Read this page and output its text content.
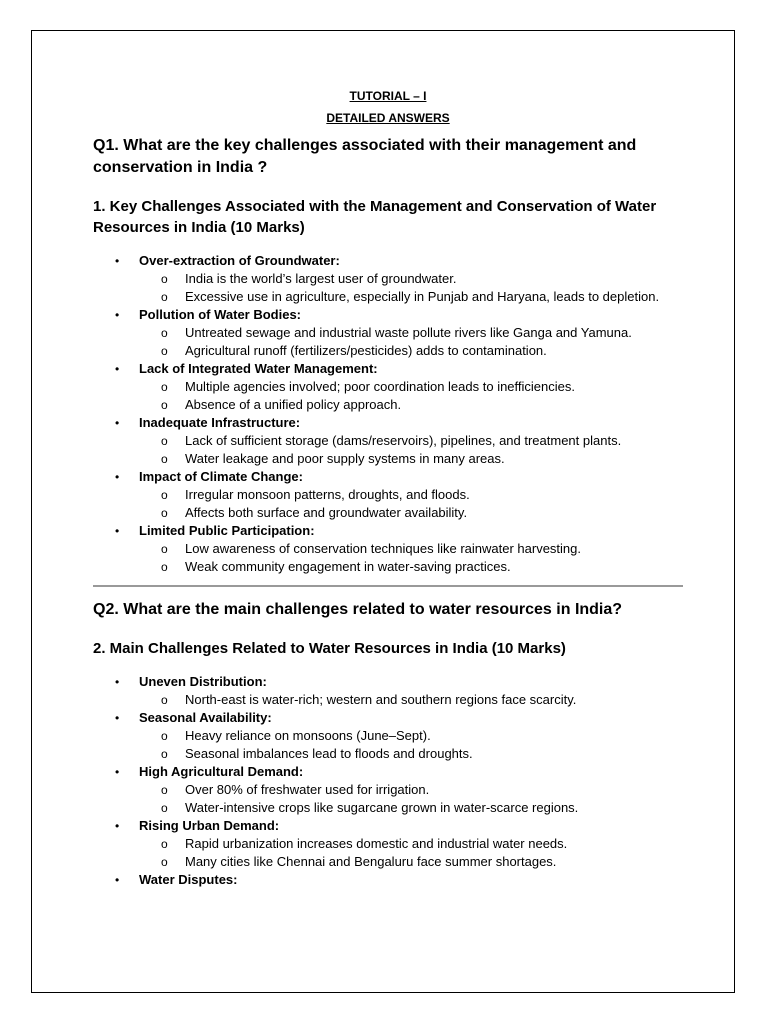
TUTORIAL – I
DETAILED ANSWERS

Q1. What are the key challenges associated with their management and conservation in India ?

1. Key Challenges Associated with the Management and Conservation of Water Resources in India (10 Marks)

• Over-extraction of Groundwater:
o India is the world’s largest user of groundwater.
o Excessive use in agriculture, especially in Punjab and Haryana, leads to depletion.
• Pollution of Water Bodies:
o Untreated sewage and industrial waste pollute rivers like Ganga and Yamuna.
o Agricultural runoff (fertilizers/pesticides) adds to contamination.
• Lack of Integrated Water Management:
o Multiple agencies involved; poor coordination leads to inefficiencies.
o Absence of a unified policy approach.
• Inadequate Infrastructure:
o Lack of sufficient storage (dams/reservoirs), pipelines, and treatment plants.
o Water leakage and poor supply systems in many areas.
• Impact of Climate Change:
o Irregular monsoon patterns, droughts, and floods.
o Affects both surface and groundwater availability.
• Limited Public Participation:
o Low awareness of conservation techniques like rainwater harvesting.
o Weak community engagement in water-saving practices.

Q2. What are the main challenges related to water resources in India?

2. Main Challenges Related to Water Resources in India (10 Marks)

• Uneven Distribution:
o North-east is water-rich; western and southern regions face scarcity.
• Seasonal Availability:
o Heavy reliance on monsoons (June–Sept).
o Seasonal imbalances lead to floods and droughts.
• High Agricultural Demand:
o Over 80% of freshwater used for irrigation.
o Water-intensive crops like sugarcane grown in water-scarce regions.
• Rising Urban Demand:
o Rapid urbanization increases domestic and industrial water needs.
o Many cities like Chennai and Bengaluru face summer shortages.
• Water Disputes:
